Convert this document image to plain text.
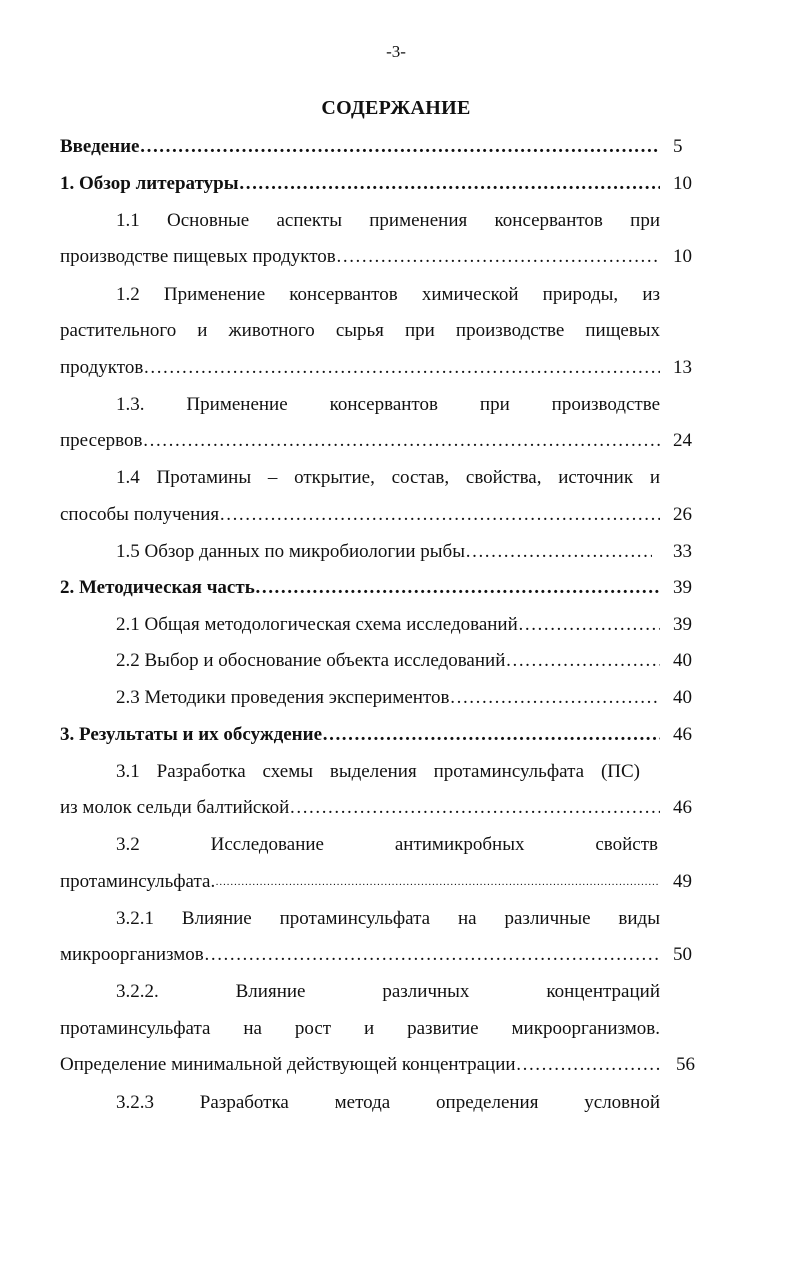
-3-
СОДЕРЖАНИЕ
Введение ………………………………………………………………………………………………………………………………………………	5
1. Обзор литературы ………………………………………………………………………………………………………………………………………………	10
1.1 Основные аспекты применения консервантов при
производстве пищевых продуктов ………………………………………………………………………………………………………………………………………………	10
1.2 Применение консервантов химической природы, из
растительного и животного сырья при производстве пищевых
продуктов ………………………………………………………………………………………………………………………………………………	13
1.3. Применение консервантов при производстве
пресервов ………………………………………………………………………………………………………………………………………………	24
1.4 Протамины – открытие, состав, свойства, источник и
способы получения ………………………………………………………………………………………………………………………………………………	26
1.5 Обзор данных по микробиологии рыбы ………………………………………………………………………………………………………………………………………………	33
2. Методическая часть ………………………………………………………………………………………………………………………………………………	39
2.1 Общая методологическая схема исследований ………………………………………………………………………………………………………………………………………………	39
2.2 Выбор и обоснование объекта исследований ………………………………………………………………………………………………………………………………………………	40
2.3 Методики проведения экспериментов ………………………………………………………………………………………………………………………………………………	40
3. Результаты и их обсуждение ………………………………………………………………………………………………………………………………………………	46
3.1 Разработка схемы выделения протаминсульфата (ПС)
из молок сельди балтийской ………………………………………………………………………………………………………………………………………………	46
3.2 Исследование антимикробных свойств
протаминсульфата. ………………………………………………………………………………………………………………………………………………	49
3.2.1 Влияние протаминсульфата на различные виды
микроорганизмов ………………………………………………………………………………………………………………………………………………	50
3.2.2. Влияние различных концентраций
протаминсульфата на рост и развитие микроорганизмов.
Определение минимальной действующей концентрации ………………………………………………………………………………………………………………………………………………	56
3.2.3 Разработка метода определения условной
